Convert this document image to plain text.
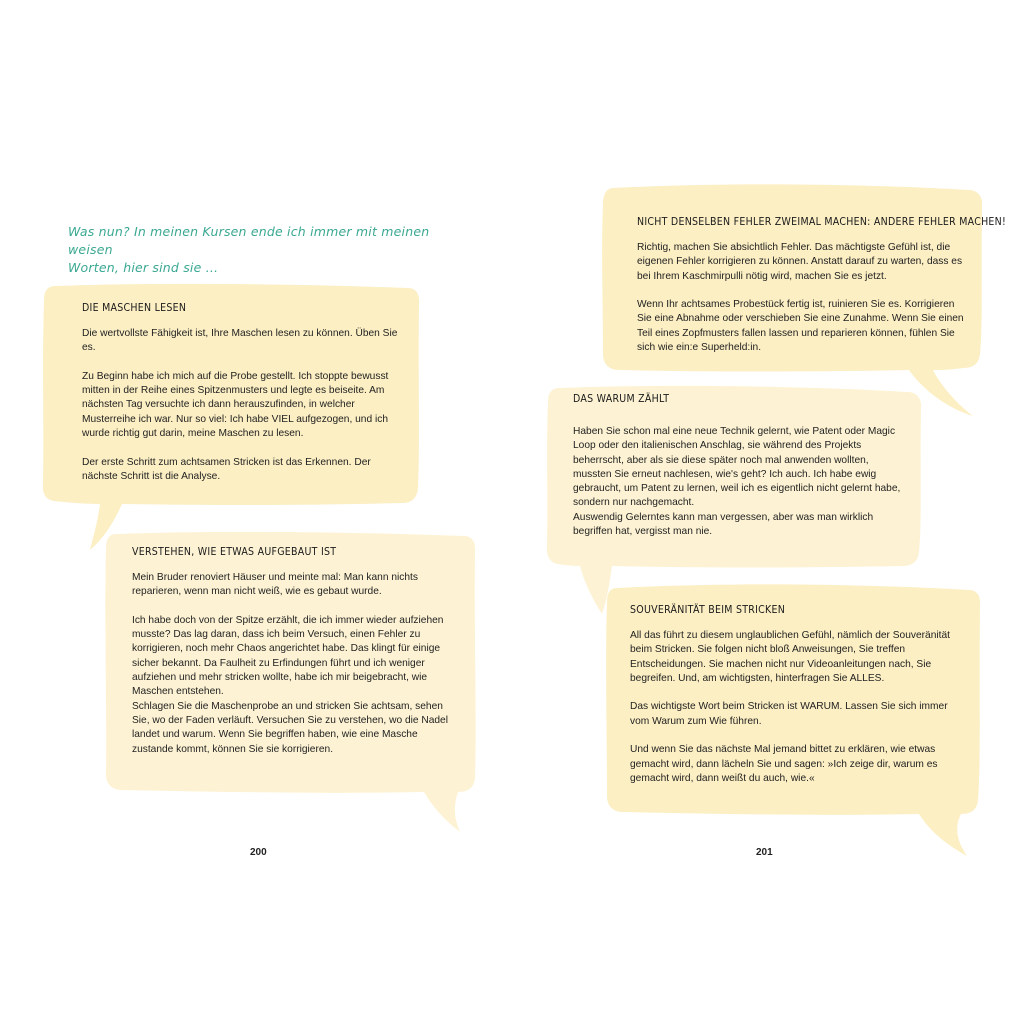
Was nun? In meinen Kursen ende ich immer mit meinen weisen
Worten, hier sind sie …
DIE MASCHEN LESEN

Die wertvollste Fähigkeit ist, Ihre Maschen lesen zu können. Üben Sie es.

Zu Beginn habe ich mich auf die Probe gestellt. Ich stoppte bewusst mitten in der Reihe eines Spitzenmusters und legte es beiseite. Am nächsten Tag versuchte ich dann herauszufinden, in welcher Musterreihe ich war. Nur so viel: Ich habe VIEL aufgezogen, und ich wurde richtig gut darin, meine Maschen zu lesen.

Der erste Schritt zum achtsamen Stricken ist das Erkennen. Der nächste Schritt ist die Analyse.

VERSTEHEN, WIE ETWAS AUFGEBAUT IST

Mein Bruder renoviert Häuser und meinte mal: Man kann nichts reparieren, wenn man nicht weiß, wie es gebaut wurde.

Ich habe doch von der Spitze erzählt, die ich immer wieder aufziehen musste? Das lag daran, dass ich beim Versuch, einen Fehler zu korrigieren, noch mehr Chaos angerichtet habe. Das klingt für einige sicher bekannt. Da Faulheit zu Erfindungen führt und ich weniger aufziehen und mehr stricken wollte, habe ich mir beigebracht, wie Maschen entstehen.

Schlagen Sie die Maschenprobe an und stricken Sie achtsam, sehen Sie, wo der Faden verläuft. Versuchen Sie zu verstehen, wo die Nadel landet und warum. Wenn Sie begriffen haben, wie eine Masche zustande kommt, können Sie sie korrigieren.

NICHT DENSELBEN FEHLER ZWEIMAL MACHEN: ANDERE FEHLER MACHEN!

Richtig, machen Sie absichtlich Fehler. Das mächtigste Gefühl ist, die eigenen Fehler korrigieren zu können. Anstatt darauf zu warten, dass es bei Ihrem Kaschmirpulli nötig wird, machen Sie es jetzt.

Wenn Ihr achtsames Probestück fertig ist, ruinieren Sie es. Korrigieren Sie eine Abnahme oder verschieben Sie eine Zunahme. Wenn Sie einen Teil eines Zopfmusters fallen lassen und reparieren können, fühlen Sie sich wie ein:e Superheld:in.

DAS WARUM ZÄHLT

Haben Sie schon mal eine neue Technik gelernt, wie Patent oder Magic Loop oder den italienischen Anschlag, sie während des Projekts beherrscht, aber als sie diese später noch mal anwenden wollten, mussten Sie erneut nachlesen, wie's geht? Ich auch. Ich habe ewig gebraucht, um Patent zu lernen, weil ich es eigentlich nicht gelernt habe, sondern nur nachgemacht.

Auswendig Gelerntes kann man vergessen, aber was man wirklich begriffen hat, vergisst man nie.

SOUVERÄNITÄT BEIM STRICKEN

All das führt zu diesem unglaublichen Gefühl, nämlich der Souveränität beim Stricken. Sie folgen nicht bloß Anweisungen, Sie treffen Entscheidungen. Sie machen nicht nur Videoanleitungen nach, Sie begreifen. Und, am wichtigsten, hinterfragen Sie ALLES.

Das wichtigste Wort beim Stricken ist WARUM. Lassen Sie sich immer vom Warum zum Wie führen.

Und wenn Sie das nächste Mal jemand bittet zu erklären, wie etwas gemacht wird, dann lächeln Sie und sagen: »Ich zeige dir, warum es gemacht wird, dann weißt du auch, wie.«

200	201
